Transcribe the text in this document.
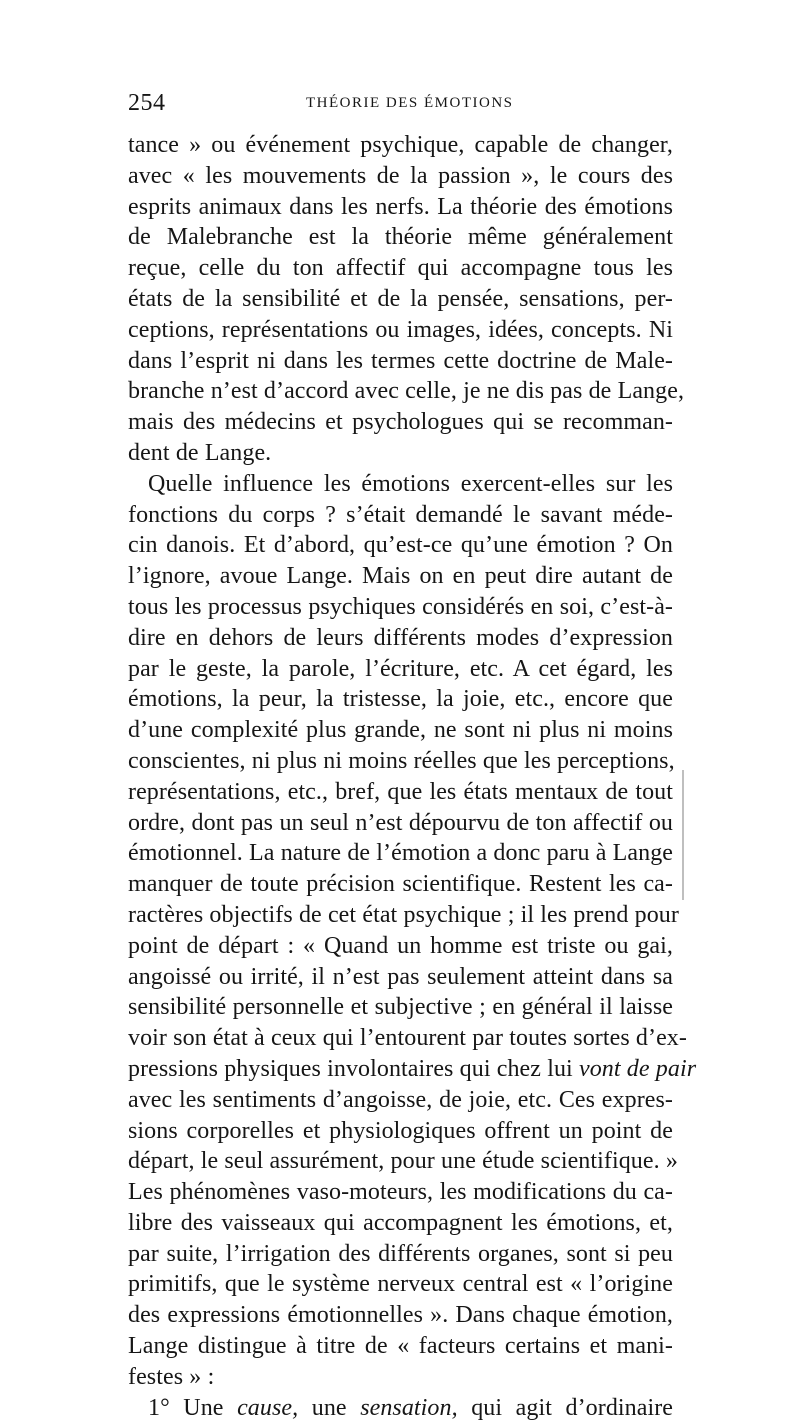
254	THÉORIE DES ÉMOTIONS
tance » ou événement psychique, capable de changer,
avec « les mouvements de la passion », le cours des
esprits animaux dans les nerfs. La théorie des émotions
de Malebranche est la théorie même généralement
reçue, celle du ton affectif qui accompagne tous les
états de la sensibilité et de la pensée, sensations, per-
ceptions, représentations ou images, idées, concepts. Ni
dans l’esprit ni dans les termes cette doctrine de Male-
branche n’est d’accord avec celle, je ne dis pas de Lange,
mais des médecins et psychologues qui se recomman-
dent de Lange.
Quelle influence les émotions exercent-elles sur les
fonctions du corps ? s’était demandé le savant méde-
cin danois. Et d’abord, qu’est-ce qu’une émotion ? On
l’ignore, avoue Lange. Mais on en peut dire autant de
tous les processus psychiques considérés en soi, c’est-à-
dire en dehors de leurs différents modes d’expression
par le geste, la parole, l’écriture, etc. A cet égard, les
émotions, la peur, la tristesse, la joie, etc., encore que
d’une complexité plus grande, ne sont ni plus ni moins
conscientes, ni plus ni moins réelles que les perceptions,
représentations, etc., bref, que les états mentaux de tout
ordre, dont pas un seul n’est dépourvu de ton affectif ou
émotionnel. La nature de l’émotion a donc paru à Lange
manquer de toute précision scientifique. Restent les ca-
ractères objectifs de cet état psychique ; il les prend pour
point de départ : « Quand un homme est triste ou gai,
angoissé ou irrité, il n’est pas seulement atteint dans sa
sensibilité personnelle et subjective ; en général il laisse
voir son état à ceux qui l’entourent par toutes sortes d’ex-
pressions physiques involontaires qui chez lui vont de pair
avec les sentiments d’angoisse, de joie, etc. Ces expres-
sions corporelles et physiologiques offrent un point de
départ, le seul assurément, pour une étude scientifique. »
Les phénomènes vaso-moteurs, les modifications du ca-
libre des vaisseaux qui accompagnent les émotions, et,
par suite, l’irrigation des différents organes, sont si peu
primitifs, que le système nerveux central est « l’origine
des expressions émotionnelles ». Dans chaque émotion,
Lange distingue à titre de « facteurs certains et mani-
festes » :
1° Une cause, une sensation, qui agit d’ordinaire
